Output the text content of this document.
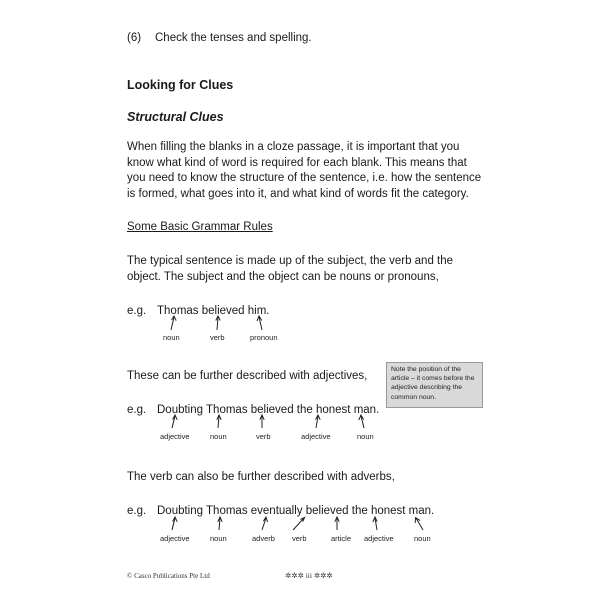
(6) Check the tenses and spelling.
Looking for Clues
Structural Clues
When filling the blanks in a cloze passage, it is important that you know what kind of word is required for each blank. This means that you need to know the structure of the sentence, i.e. how the sentence is formed, what goes into it, and what kind of words fit the category.
Some Basic Grammar Rules
The typical sentence is made up of the subject, the verb and the object. The subject and the object can be nouns or pronouns,
e.g. Thomas believed him.
noun	verb	pronoun
These can be further described with adjectives,
Note the position of the article – it comes before the adjective describing the common noun.
e.g. Doubting Thomas believed the honest man.
adjective	noun	verb	adjective	noun
The verb can also be further described with adverbs,
e.g. Doubting Thomas eventually believed the honest man.
adjective	noun	adverb verb	article adjective	noun
© Casco Publications Pte Ltd	✲✲✲ iii ✲✲✲
